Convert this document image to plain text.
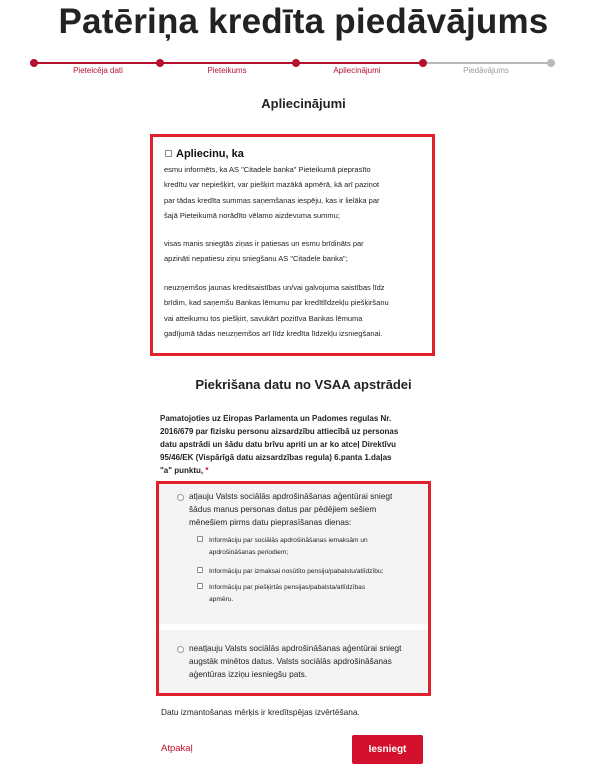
Patēriņa kredīta piedāvājums
Pieteicēja dati	Pieteikums	Apliecinājumi	Piedāvājums
Apliecinājumi
Apliecinu, ka
esmu informēts, ka AS "Citadele banka" Pieteikumā pieprasīto
kredītu var nepiešķirt, var piešķirt mazākā apmērā, kā arī paziņot
par tādas kredīta summas saņemšanas iespēju, kas ir lielāka par
šajā Pieteikumā norādīto vēlamo aizdevuma summu;
visas manis sniegtās ziņas ir patiesas un esmu brīdināts par
apzināti nepatiesu ziņu sniegšanu AS "Citadele banka";
neuzņemšos jaunas kreditsaistības un/vai galvojuma saistības līdz
brīdim, kad saņemšu Bankas lēmumu par kredītlīdzekļu piešķiršanu
vai atteikumu tos piešķirt, savukārt pozitīva Bankas lēmuma
gadījumā tādas neuzņemšos arī līdz kredīta līdzekļu izsniegšanai.
Piekrišana datu no VSAA apstrādei
Pamatojoties uz Eiropas Parlamenta un Padomes regulas Nr.
2016/679 par fizisku personu aizsardzību attiecībā uz personas
datu apstrādi un šādu datu brīvu apriti un ar ko atceļ Direktīvu
95/46/EK (Vispārīgā datu aizsardzības regula) 6.panta 1.daļas
"a" punktu, *
atļauju Valsts sociālās apdrošināšanas aģentūrai sniegt
šādus manus personas datus par pēdējiem sešiem
mēnešiem pirms datu pieprasīšanas dienas:
Informāciju par sociālās apdrošināšanas iemaksām un
apdrošināšanas periodiem;
Informāciju par izmaksai nosūtīto pensiju/pabalstu/atlīdzību;
Informāciju par piešķirtās pensijas/pabalsta/atlīdzības
apmēru.
neatļauju Valsts sociālās apdrošināšanas aģentūrai sniegt
augstāk minētos datus. Valsts sociālās apdrošināšanas
aģentūras izziņu iesniegšu pats.
Datu izmantošanas mērķis ir kredītspējas izvērtēšana.
Atpakaļ	Iesniegt
